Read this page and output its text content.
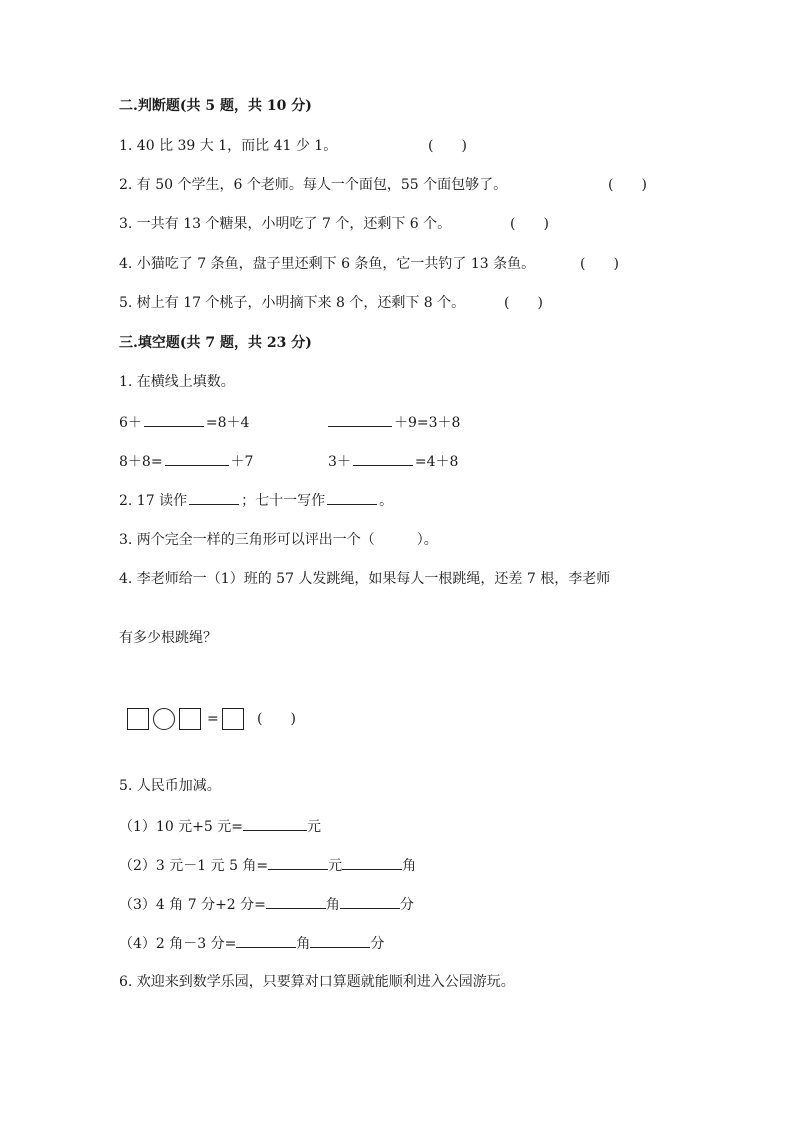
二.判断题(共 5 题，共 10 分)
1. 40 比 39 大 1，而比 41 少 1。	(　　)
2. 有 50 个学生，6 个老师。每人一个面包，55 个面包够了。	(　　)
3. 一共有 13 个糖果，小明吃了 7 个，还剩下 6 个。	(　　)
4. 小猫吃了 7 条鱼，盘子里还剩下 6 条鱼，它一共钓了 13 条鱼。	(　　)
5. 树上有 17 个桃子，小明摘下来 8 个，还剩下 8 个。	(　　)
三.填空题(共 7 题，共 23 分)
1. 在横线上填数。
6＋	=8＋4	＋9=3＋8
8＋8=	＋7	3＋	=4＋8
2. 17 读作	；七十一写作	。
3. 两个完全一样的三角形可以评出一个（　　　）。
4. 李老师给一（1）班的 57 人发跳绳，如果每人一根跳绳，还差 7 根，李老师
有多少根跳绳？
=	(　　)
5. 人民币加减。
（1）10 元+5 元=	元
（2）3 元－1 元 5 角=	元	角
（3）4 角 7 分+2 分=	角	分
（4）2 角－3 分=	角	分
6. 欢迎来到数学乐园，只要算对口算题就能顺利进入公园游玩。
